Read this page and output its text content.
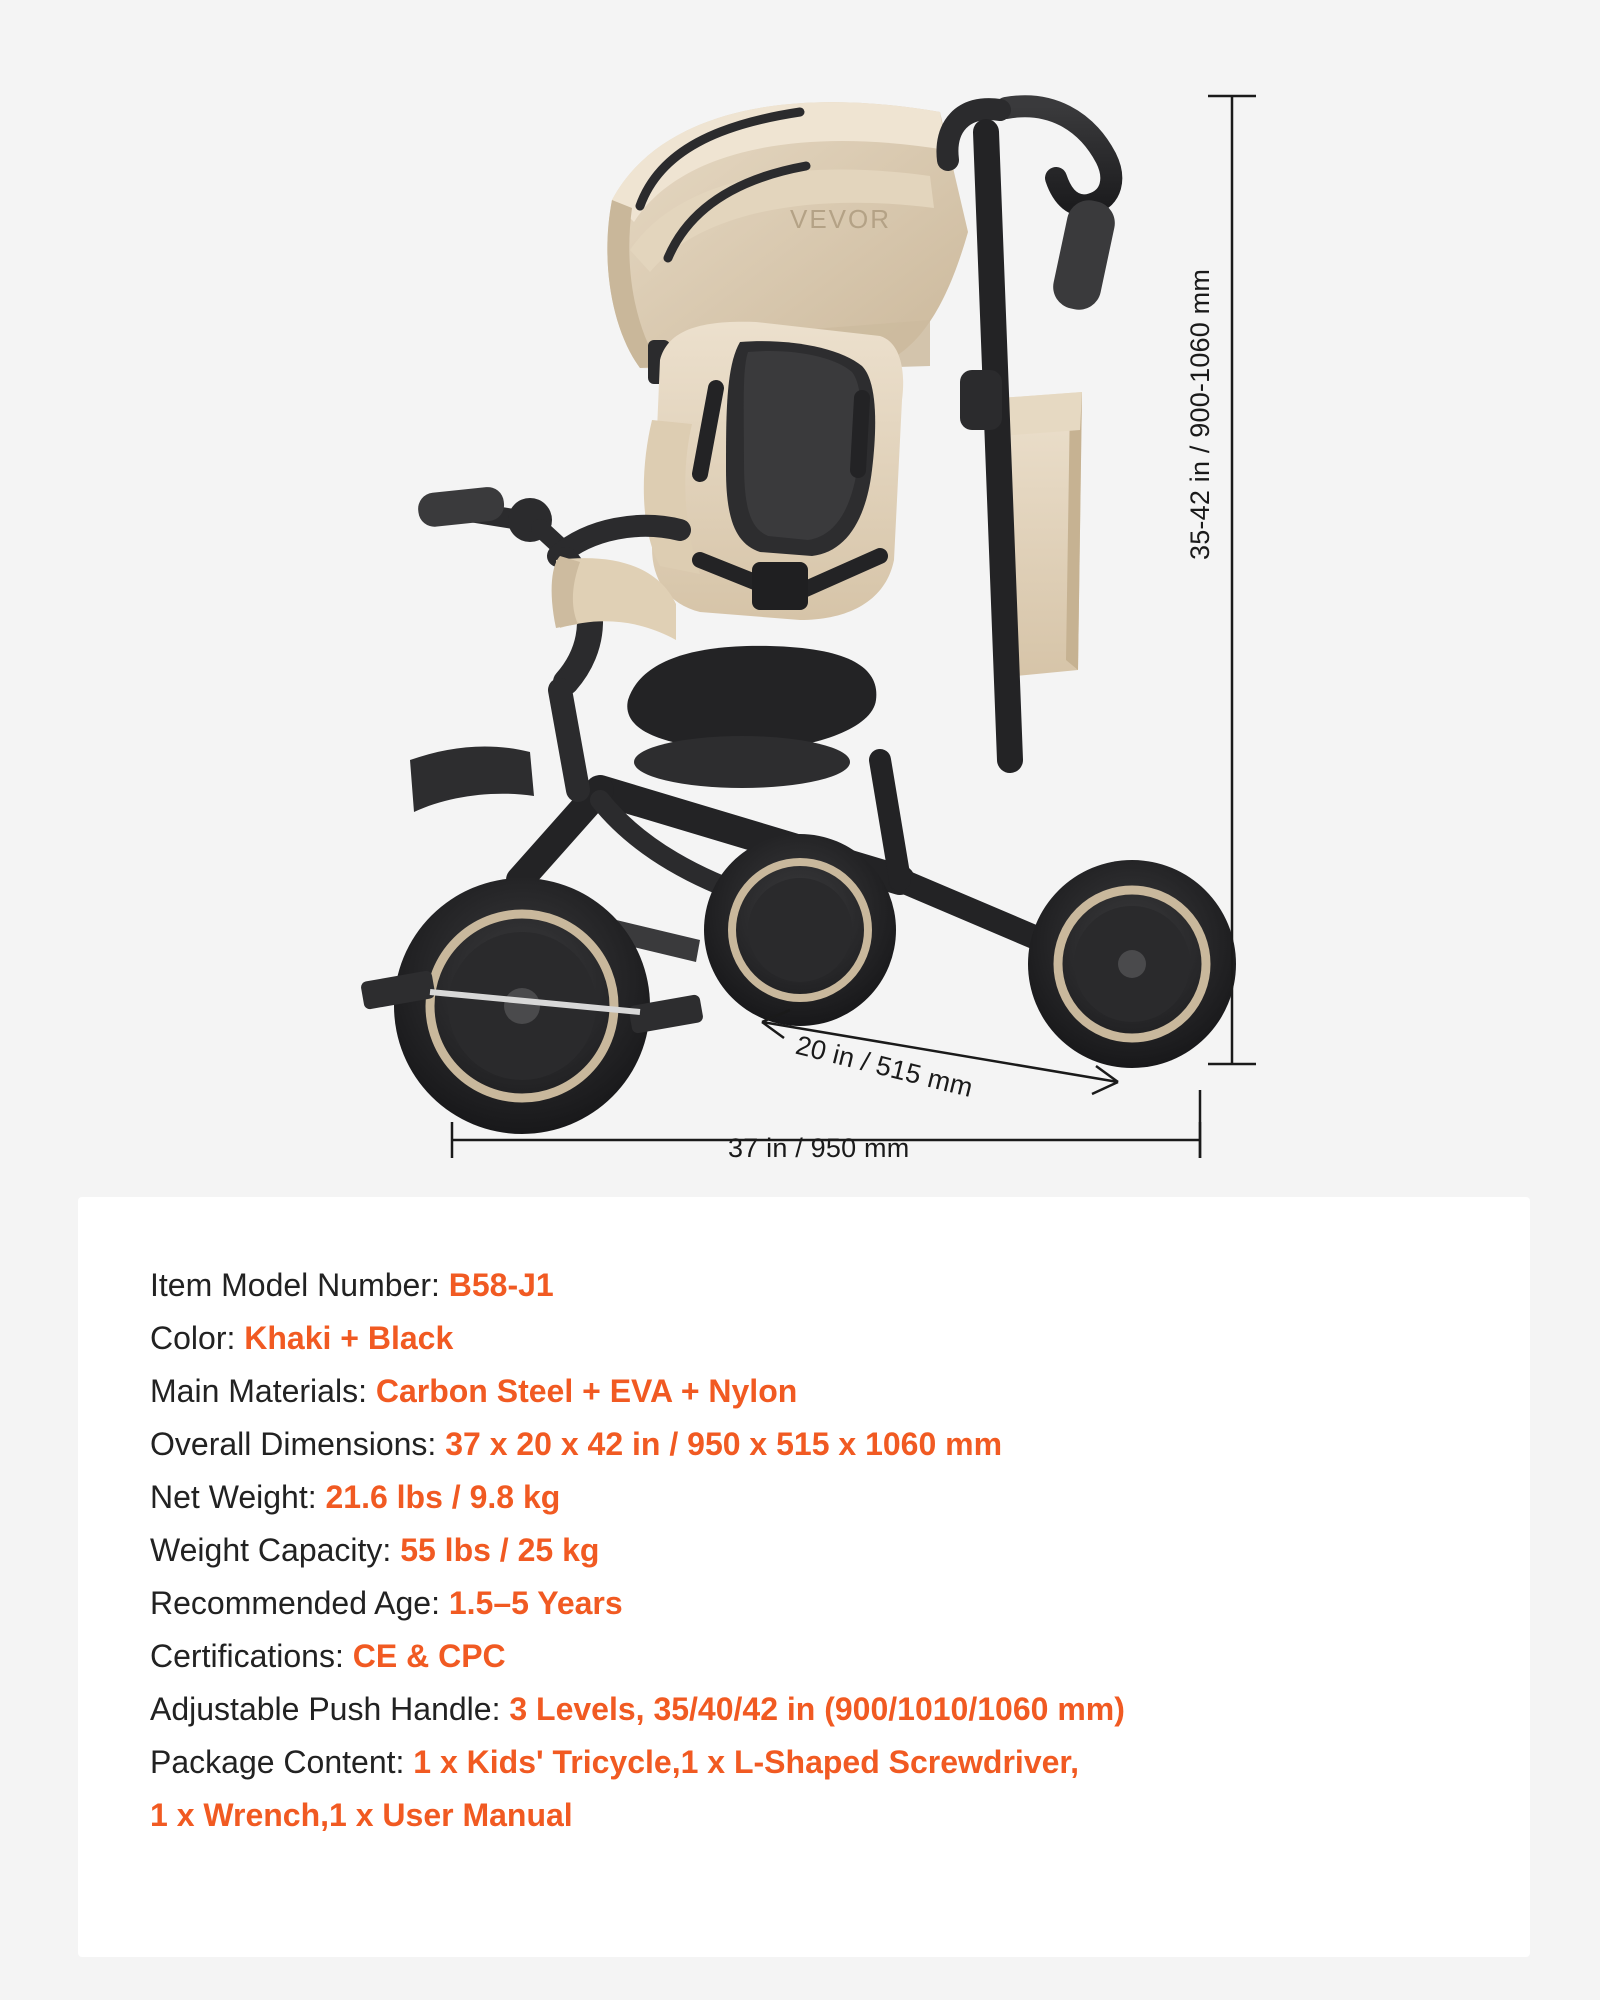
VEVOR
35-42 in / 900-1060 mm
20 in / 515 mm
37 in / 950 mm
Item Model Number: B58-J1
Color: Khaki + Black
Main Materials: Carbon Steel + EVA + Nylon
Overall Dimensions: 37 x 20 x 42 in / 950 x 515 x 1060 mm
Net Weight: 21.6 lbs / 9.8 kg
Weight Capacity: 55 lbs / 25 kg
Recommended Age: 1.5–5 Years
Certifications: CE & CPC
Adjustable Push Handle: 3 Levels, 35/40/42 in (900/1010/1060 mm)
Package Content: 1 x Kids' Tricycle,1 x L-Shaped Screwdriver,
1 x Wrench,1 x User Manual
